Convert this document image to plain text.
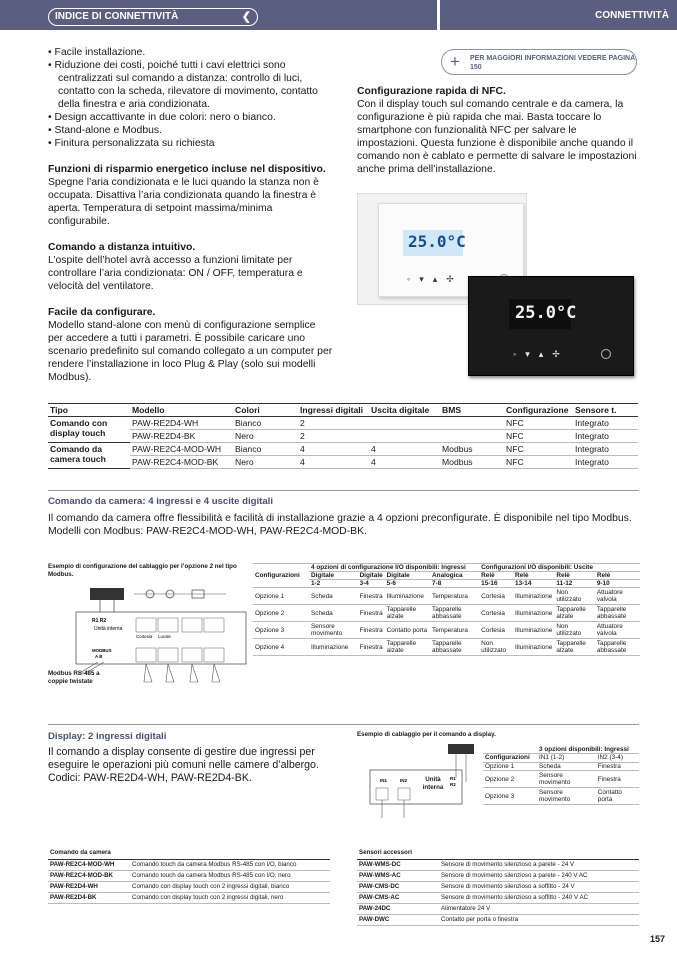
INDICE DI CONNETTIVITÀ	❮	CONNETTIVITÀ
• Facile installazione.
• Riduzione dei costi, poiché tutti i cavi elettrici sono centralizzati sul comando a distanza: controllo di luci, contatto con la scheda, rilevatore di movimento, contatto della finestra e aria condizionata.
• Design accattivante in due colori: nero o bianco.
• Stand-alone e Modbus.
• Finitura personalizzata su richiesta
Funzioni di risparmio energetico incluse nel dispositivo.
Spegne l’aria condizionata e le luci quando la stanza non è occupata. Disattiva l’aria condizionata quando la finestra è aperta. Temperatura di setpoint massima/minima configurabile.
Comando a distanza intuitivo.
L’ospite dell’hotel avrà accesso a funzioni limitate per controllare l’aria condizionata: ON / OFF, temperatura e velocità del ventilatore.
Facile da configurare.
Modello stand-alone con menù di configurazione semplice per accedere a tutti i parametri. È possibile caricare uno scenario predefinito sul comando collegato a un computer per rendere l’installazione in loco Plug & Play (solo sui modelli Modbus).
+ PER MAGGIORI INFORMAZIONI VEDERE PAGINA 150
Configurazione rapida di NFC.
Con il display touch sul comando centrale e da camera, la configurazione è più rapida che mai. Basta toccare lo smartphone con funzionalità NFC per salvare le impostazioni. Questa funzione è disponibile anche quando il comando non è cablato e permette di salvare le impostazioni anche prima dell’installazione.
25.0°C
◦▾▴✢
25.0°C
◦▾▴✢
Tipo	Modello	Colori	Ingressi digitali	Uscita digitale	BMS	Configurazione	Sensore t.
Comando con display touch	PAW-RE2D4-WH	Bianco	2			NFC	Integrato
	PAW-RE2D4-BK	Nero	2			NFC	Integrato
Comando da camera touch	PAW-RE2C4-MOD-WH	Bianco	4	4	Modbus	NFC	Integrato
	PAW-RE2C4-MOD-BK	Nero	4	4	Modbus	NFC	Integrato
Comando da camera: 4 ingressi e 4 uscite digitali
Il comando da camera offre flessibilità e facilità di installazione grazie a 4 opzioni preconfigurate. È disponibile nel tipo Modbus.
Modelli con Modbus: PAW-RE2C4-MOD-WH, PAW-RE2C4-MOD-BK.
Esempio di configurazione del cablaggio per l’opzione 2 nel tipo Modbus.
R1 R2
Unità interna
Cortesia Lucale
MODBUS
A B
Modbus RS-485 a coppie twistate
Configurazioni	4 opzioni di configurazione I/O disponibili: Ingressi				Configurazioni I/O disponibili: Uscite			
	Digitale	Digitale	Digitale	Analogica	Relè	Relè	Relè	Relè
	1-2	3-4	5-6	7-8	15-16	13-14	11-12	9-10
Opzione 1	Scheda	Finestra	Illuminazione	Temperatura	Cortesia	Illuminazione	Non utilizzato	Attuatore valvola
Opzione 2	Scheda	Finestra	Tapparelle alzate	Tapparelle abbassate	Cortesia	Illuminazione	Tapparelle alzate	Tapparelle abbassate
Opzione 3	Sensore movimento	Finestra	Contatto porta	Temperatura	Cortesia	Illuminazione	Non utilizzato	Attuatore valvola
Opzione 4	Illuminazione	Finestra	Tapparelle alzate	Tapparelle abbassate	Non utilizzato	Illuminazione	Tapparelle alzate	Tapparelle abbassate
Display: 2 ingressi digitali
Il comando a display consente di gestire due ingressi per eseguire le operazioni più comuni nelle camere d’albergo. Codici: PAW-RE2D4-WH, PAW-RE2D4-BK.
Esempio di cablaggio per il comando a display.
IN1	IN2	R1
R2
Unità interna
	3 opzioni disponibili: Ingressi	
Configurazioni	IN1 (1-2)	IN2 (3-4)
Opzione 1	Scheda	Finestra
Opzione 2	Sensore movimento	Finestra
Opzione 3	Sensore movimento	Contatto porta
Comando da camera	
PAW-RE2C4-MOD-WH	Comando touch da camera Modbus RS-485 con I/O, bianco
PAW-RE2C4-MOD-BK	Comando touch da camera Modbus RS-485 con I/O, nero
PAW-RE2D4-WH	Comando con display touch con 2 ingressi digitali, bianco
PAW-RE2D4-BK	Comando con display touch con 2 ingressi digitali, nero
Sensori accessori	
PAW-WMS-DC	Sensore di movimento silenzioso a parete - 24 V
PAW-WMS-AC	Sensore di movimento silenzioso a parete - 240 V AC
PAW-CMS-DC	Sensore di movimento silenzioso a soffitto - 24 V
PAW-CMS-AC	Sensore di movimento silenzioso a soffitto - 240 V AC
PAW-24DC	Alimentatore 24 V
PAW-DWC	Contatto per porta o finestra
157
